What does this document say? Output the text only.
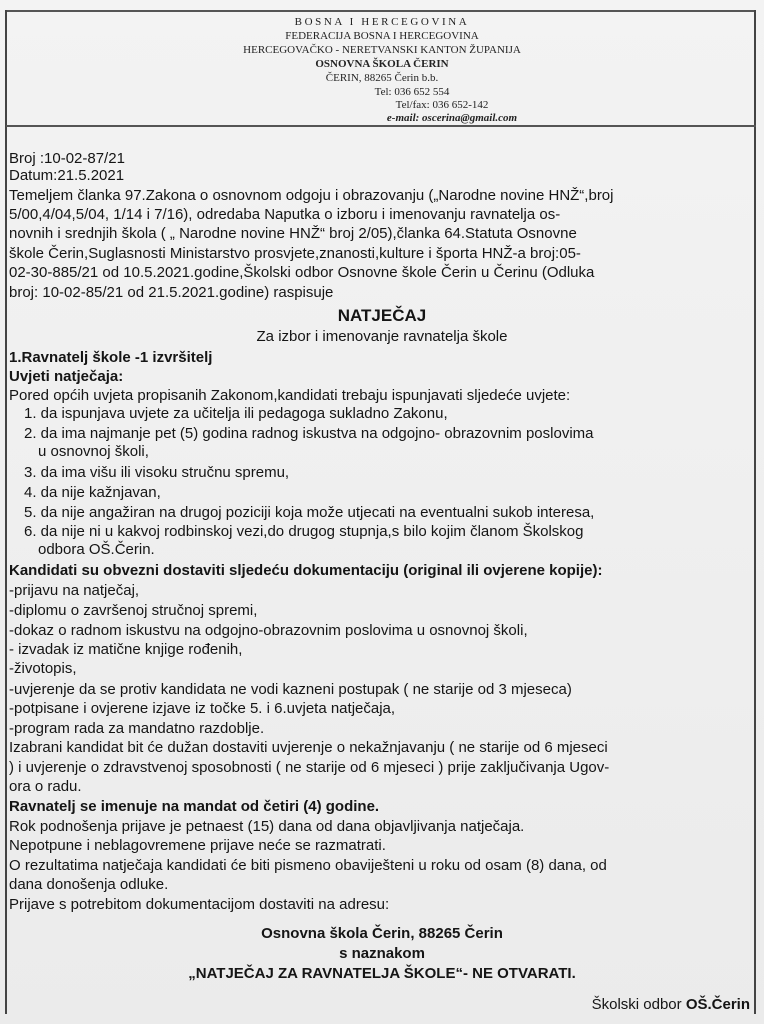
BOSNA I HERCEGOVINA
FEDERACIJA BOSNA I HERCEGOVINA
HERCEGOVAČKO - NERETVANSKI KANTON ŽUPANIJA
OSNOVNA ŠKOLA ČERIN
ČERIN, 88265 Čerin b.b.
Tel: 036 652 554
Tel/fax: 036 652-142
e-mail: oscerina@gmail.com
Broj :10-02-87/21
Datum:21.5.2021
Temeljem članka 97.Zakona o osnovnom odgoju i obrazovanju („Narodne novine HNŽ“,broj
5/00,4/04,5/04, 1/14 i 7/16), odredaba Naputka o izboru i imenovanju ravnatelja os-
novnih i srednjih škola ( „ Narodne novine HNŽ“ broj 2/05),članka 64.Statuta Osnovne
škole Čerin,Suglasnosti Ministarstvo prosvjete,znanosti,kulture i športa HNŽ-a broj:05-
02-30-885/21 od 10.5.2021.godine,Školski odbor Osnovne škole Čerin u Čerinu (Odluka
broj: 10-02-85/21 od 21.5.2021.godine) raspisuje
NATJEČAJ
Za izbor i imenovanje ravnatelja škole
1.Ravnatelj škole -1 izvršitelj
Uvjeti natječaja:
Pored općih uvjeta propisanih Zakonom,kandidati trebaju ispunjavati sljedeće uvjete:
1. da ispunjava uvjete za učitelja ili pedagoga sukladno Zakonu,
2. da ima najmanje pet (5) godina radnog iskustva na odgojno- obrazovnim poslovima
u osnovnoj školi,
3. da ima višu ili visoku stručnu spremu,
4. da nije kažnjavan,
5. da nije angažiran na drugoj poziciji koja može utjecati na eventualni sukob interesa,
6. da nije ni u kakvoj rodbinskoj vezi,do drugog stupnja,s bilo kojim članom Školskog
odbora OŠ.Čerin.
Kandidati su obvezni dostaviti sljedeću dokumentaciju (original ili ovjerene kopije):
-prijavu na natječaj,
-diplomu o završenoj stručnoj spremi,
-dokaz o radnom iskustvu na odgojno-obrazovnim poslovima u osnovnoj školi,
- izvadak iz matične knjige rođenih,
-životopis,
-uvjerenje da se protiv kandidata ne vodi kazneni postupak ( ne starije od 3 mjeseca)
-potpisane i ovjerene izjave iz točke 5. i 6.uvjeta natječaja,
-program rada za mandatno razdoblje.
Izabrani kandidat bit će dužan dostaviti uvjerenje o nekažnjavanju ( ne starije od 6 mjeseci
) i uvjerenje o zdravstvenoj sposobnosti ( ne starije od 6 mjeseci ) prije zaključivanja Ugov-
ora o radu.
Ravnatelj se imenuje na mandat od četiri (4) godine.
Rok podnošenja prijave je petnaest (15) dana od dana objavljivanja natječaja.
Nepotpune i neblagovremene prijave neće se razmatrati.
O rezultatima natječaja kandidati će biti pismeno obaviješteni u roku od osam (8) dana, od
dana donošenja odluke.
Prijave s potrebitom dokumentacijom dostaviti na adresu:
Osnovna škola Čerin, 88265 Čerin
s naznakom
„NATJEČAJ ZA RAVNATELJA ŠKOLE“- NE OTVARATI.
Školski odbor OŠ.Čerin
